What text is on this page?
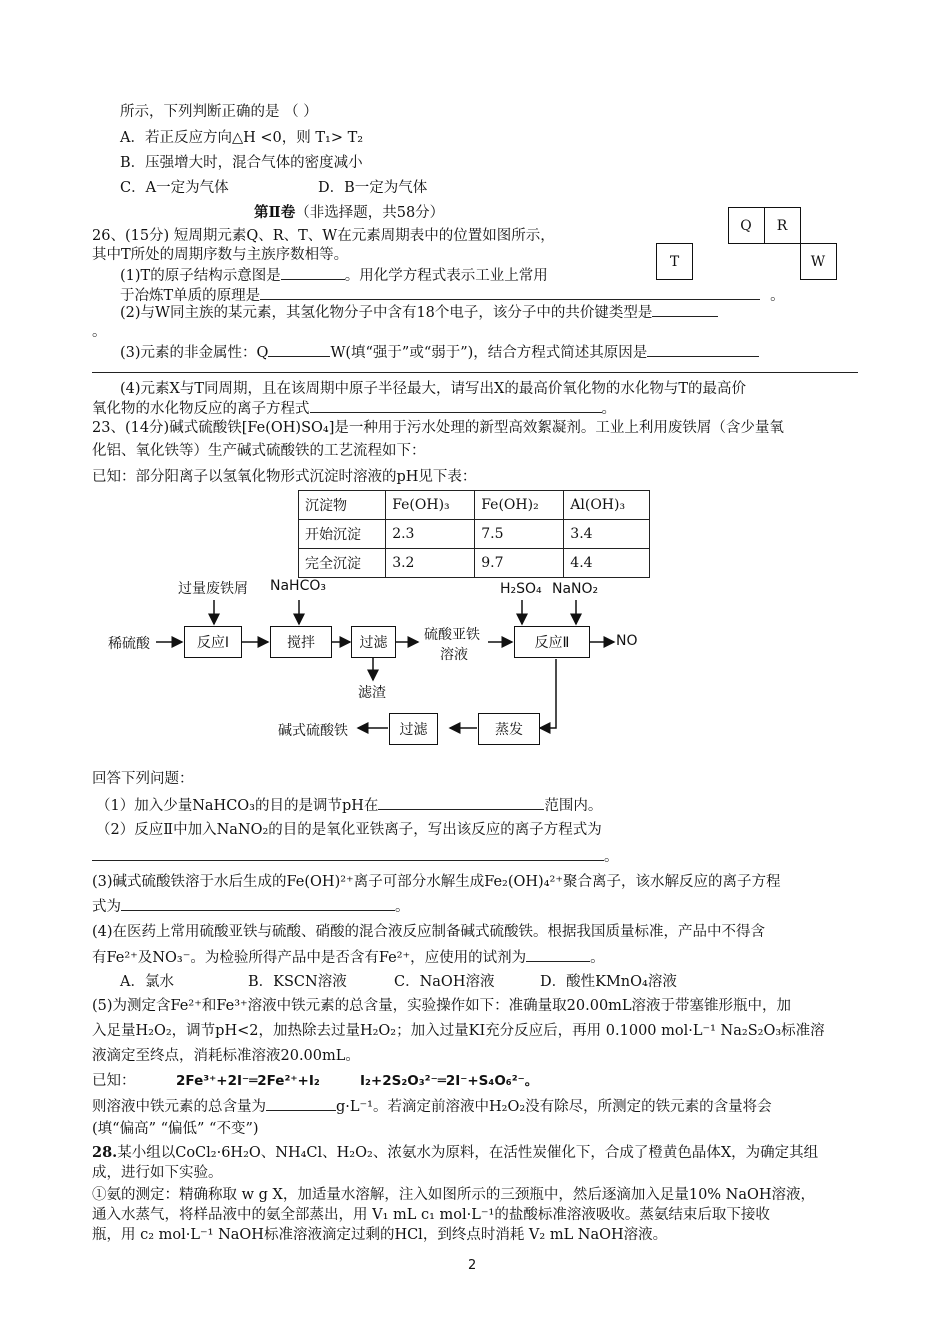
所示，下列判断正确的是 （ ）
A．若正反应方向△H <0，则 T₁> T₂
B．压强增大时，混合气体的密度减小
C．A一定为气体	D．B一定为气体
第Ⅱ卷（非选择题，共58分）
		Q	R	
T				W
26、(15分) 短周期元素Q、R、T、W在元素周期表中的位置如图所示，
其中T所处的周期序数与主族序数相等。
(1)T的原子结构示意图是	。用化学方程式表示工业上常用
于冶炼T单质的原理是	。
(2)与W同主族的某元素，其氢化物分子中含有18个电子，该分子中的共价键类型是
。
(3)元素的非金属性：Q	W(填“强于”或“弱于”)，结合方程式简述其原因是
(4)元素X与T同周期，且在该周期中原子半径最大，请写出X的最高价氧化物的水化物与T的最高价
氧化物的水化物反应的离子方程式	。
23、(14分)碱式硫酸铁[Fe(OH)SO₄]是一种用于污水处理的新型高效絮凝剂。工业上利用废铁屑（含少量氧
化铝、氧化铁等）生产碱式硫酸铁的工艺流程如下：
已知：部分阳离子以氢氧化物形式沉淀时溶液的pH见下表：
沉淀物	Fe(OH)₃	Fe(OH)₂	Al(OH)₃
开始沉淀	2.3	7.5	3.4
完全沉淀	3.2	9.7	4.4
过量废铁屑 NaHCO₃	H₂SO₄ NaNO₂
稀硫酸	反应Ⅰ	搅拌	过滤	硫酸亚铁
溶液
反应Ⅱ	NO
滤渣
蒸发
过滤
碱式硫酸铁
回答下列问题：
（1）加入少量NaHCO₃的目的是调节pH在	范围内。
（2）反应Ⅱ中加入NaNO₂的目的是氧化亚铁离子，写出该反应的离子方程式为
。
(3)碱式硫酸铁溶于水后生成的Fe(OH)²⁺离子可部分水解生成Fe₂(OH)₄²⁺聚合离子，该水解反应的离子方程
式为	。
(4)在医药上常用硫酸亚铁与硫酸、硝酸的混合液反应制备碱式硫酸铁。根据我国质量标准，产品中不得含
有Fe²⁺及NO₃⁻。为检验所得产品中是否含有Fe²⁺，应使用的试剂为	。
A．氯水	B．KSCN溶液	C．NaOH溶液	D．酸性KMnO₄溶液
(5)为测定含Fe²⁺和Fe³⁺溶液中铁元素的总含量，实验操作如下：准确量取20.00mL溶液于带塞锥形瓶中，加
入足量H₂O₂，调节pH<2，加热除去过量H₂O₂；加入过量KI充分反应后，再用 0.1000 mol·L⁻¹ Na₂S₂O₃标准溶
液滴定至终点，消耗标准溶液20.00mL。
已知：	2Fe³⁺+2I⁻═2Fe²⁺+I₂	I₂+2S₂O₃²⁻═2I⁻+S₄O₆²⁻。
则溶液中铁元素的总含量为	g·L⁻¹。若滴定前溶液中H₂O₂没有除尽，所测定的铁元素的含量将会
(填“偏高” “偏低” “不变”)
28.某小组以CoCl₂·6H₂O、NH₄Cl、H₂O₂、浓氨水为原料，在活性炭催化下，合成了橙黄色晶体X，为确定其组
成，进行如下实验。
①氨的测定：精确称取 w g X，加适量水溶解，注入如图所示的三颈瓶中，然后逐滴加入足量10% NaOH溶液，
通入水蒸气，将样品液中的氨全部蒸出，用 V₁ mL c₁ mol·L⁻¹的盐酸标准溶液吸收。蒸氨结束后取下接收
瓶，用 c₂ mol·L⁻¹ NaOH标准溶液滴定过剩的HCl，到终点时消耗 V₂ mL NaOH溶液。
2
